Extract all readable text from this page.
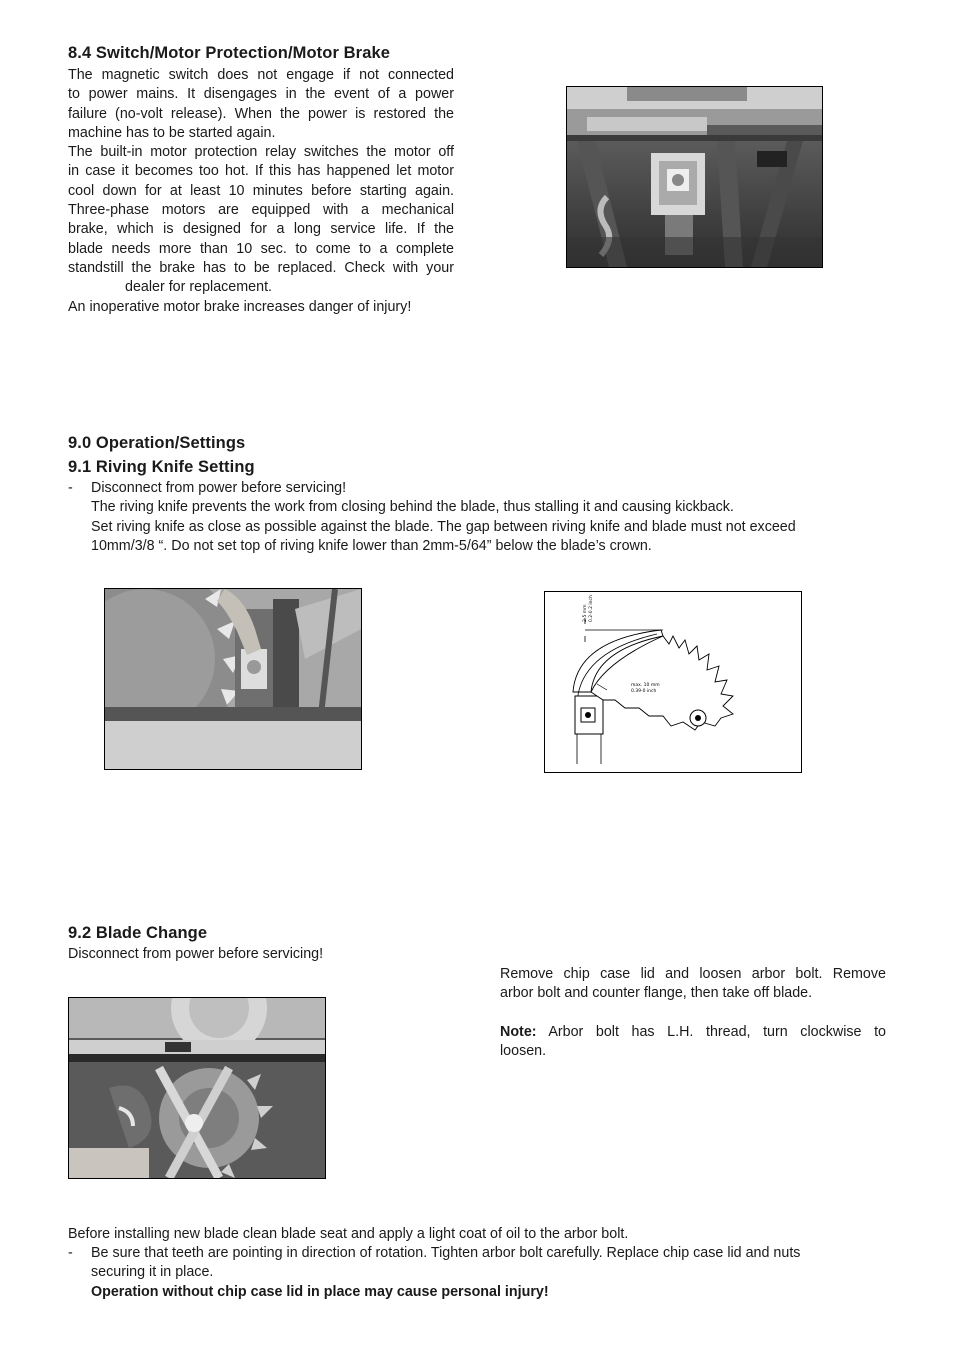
8.4 Switch/Motor Protection/Motor Brake
The magnetic switch does not engage if not connected
to power mains. It disengages in the event of a power
failure (no-volt release). When the power is restored the
machine has to be started again.
The built-in motor protection relay switches the motor off
in case it becomes too hot. If this has happened let motor
cool down for at least 10 minutes before starting again.
Three-phase motors are equipped with a mechanical
brake, which is designed for a long service life. If the
blade needs more than 10 sec. to come to a complete
standstill the brake has to be replaced. Check with your
dealer for replacement.
An inoperative motor brake increases danger of injury!
9.0 Operation/Settings
9.1 Riving Knife Setting
- Disconnect from power before servicing!
The riving knife prevents the work from closing behind the blade, thus stalling it and causing kickback.
Set riving knife as close as possible against the blade. The gap between riving knife and blade must not exceed
10mm/3/8 “. Do not set top of riving knife lower than 2mm-5/64” below the blade’s crown.
2-5 mm 0.2-0.2 inch
max. 10 mm
0.39-0 inch
9.2 Blade Change
Disconnect from power before servicing!
Remove chip case lid and loosen arbor bolt. Remove
arbor bolt and counter flange, then take off blade.
Note: Arbor bolt has L.H. thread, turn clockwise to
loosen.
Before installing new blade clean blade seat and apply a light coat of oil to the arbor bolt.
- Be sure that teeth are pointing in direction of rotation. Tighten arbor bolt carefully. Replace chip case lid and nuts
securing it in place.
Operation without chip case lid in place may cause personal injury!
